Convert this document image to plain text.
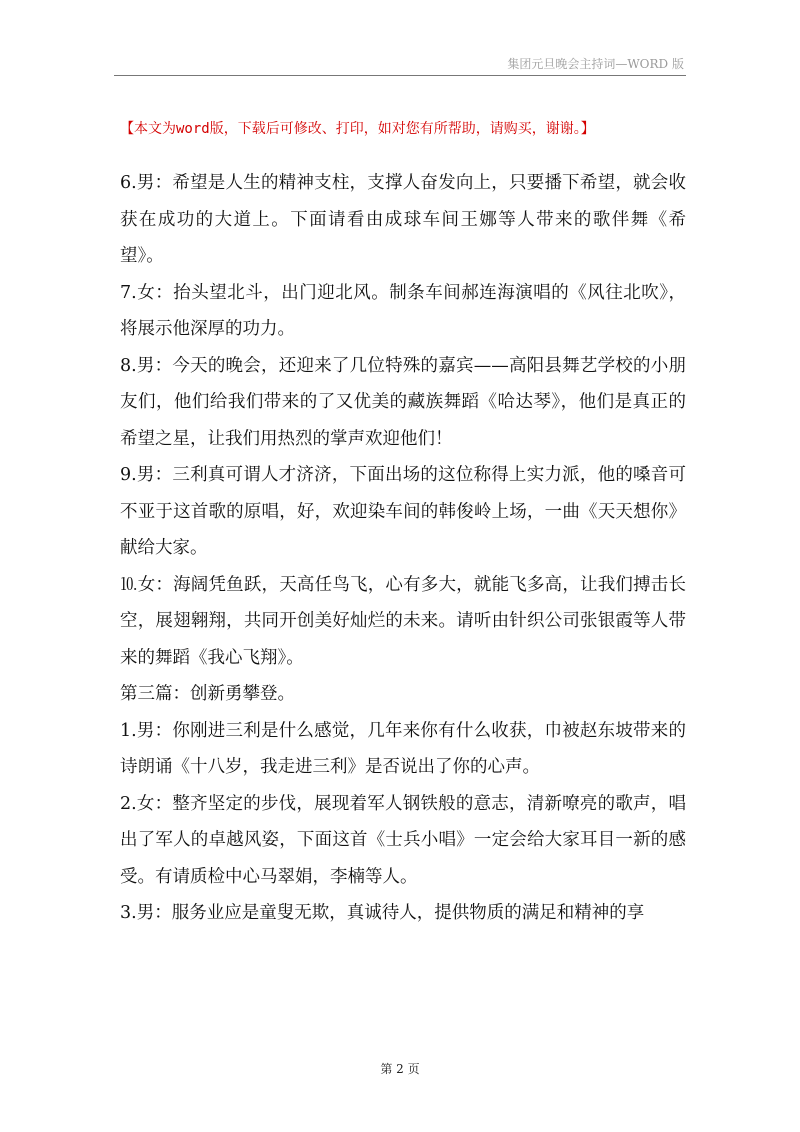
集团元旦晚会主持词—WORD 版
【本文为word版，下载后可修改、打印，如对您有所帮助，请购买，谢谢。】

6.男：希望是人生的精神支柱，支撑人奋发向上，只要播下希望，就会收获在成功的大道上。下面请看由成球车间王娜等人带来的歌伴舞《希望》。

7.女：抬头望北斗，出门迎北风。制条车间郝连海演唱的《风往北吹》，将展示他深厚的功力。

8.男：今天的晚会，还迎来了几位特殊的嘉宾——高阳县舞艺学校的小朋友们，他们给我们带来的了又优美的藏族舞蹈《哈达琴》，他们是真正的希望之星，让我们用热烈的掌声欢迎他们！

9.男：三利真可谓人才济济，下面出场的这位称得上实力派，他的嗓音可不亚于这首歌的原唱，好，欢迎染车间的韩俊岭上场，一曲《天天想你》献给大家。

⒑女：海阔凭鱼跃，天高任鸟飞，心有多大，就能飞多高，让我们搏击长空，展翅翱翔，共同开创美好灿烂的未来。请听由针织公司张银霞等人带来的舞蹈《我心飞翔》。

第三篇：创新勇攀登。

1.男：你刚进三利是什么感觉，几年来你有什么收获，巾被赵东坡带来的诗朗诵《十八岁，我走进三利》是否说出了你的心声。

2.女：整齐坚定的步伐，展现着军人钢铁般的意志，清新嘹亮的歌声，唱出了军人的卓越风姿，下面这首《士兵小唱》一定会给大家耳目一新的感受。有请质检中心马翠娟，李楠等人。

3.男：服务业应是童叟无欺，真诚待人，提供物质的满足和精神的享

第 2 页
